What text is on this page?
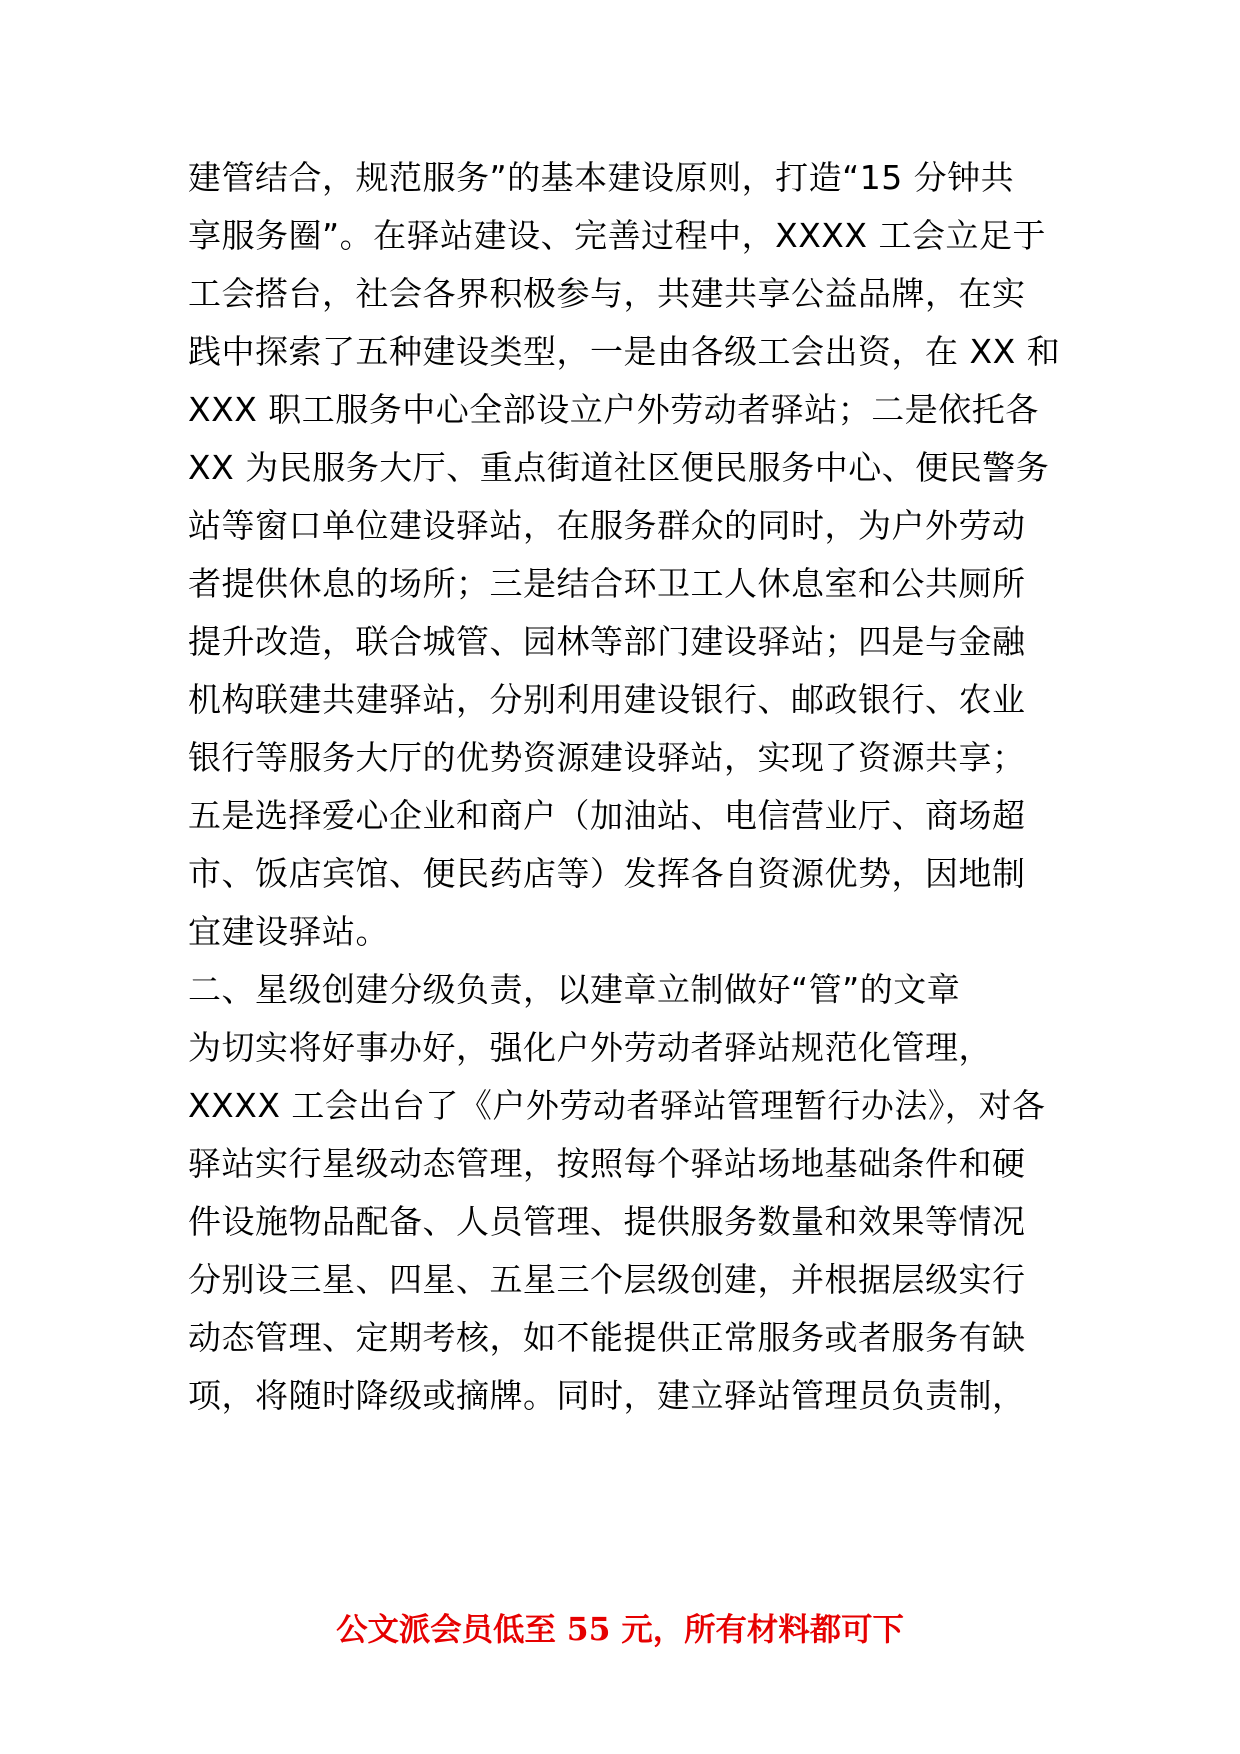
建管结合，规范服务”的基本建设原则，打造“15 分钟共
享服务圈”。在驿站建设、完善过程中，XXXX 工会立足于
工会搭台，社会各界积极参与，共建共享公益品牌，在实
践中探索了五种建设类型，一是由各级工会出资，在 XX 和
XXX 职工服务中心全部设立户外劳动者驿站；二是依托各
XX 为民服务大厅、重点街道社区便民服务中心、便民警务
站等窗口单位建设驿站，在服务群众的同时，为户外劳动
者提供休息的场所；三是结合环卫工人休息室和公共厕所
提升改造，联合城管、园林等部门建设驿站；四是与金融
机构联建共建驿站，分别利用建设银行、邮政银行、农业
银行等服务大厅的优势资源建设驿站，实现了资源共享；
五是选择爱心企业和商户（加油站、电信营业厅、商场超
市、饭店宾馆、便民药店等）发挥各自资源优势，因地制
宜建设驿站。
二、星级创建分级负责，以建章立制做好“管”的文章
为切实将好事办好，强化户外劳动者驿站规范化管理，
XXXX 工会出台了《户外劳动者驿站管理暂行办法》，对各
驿站实行星级动态管理，按照每个驿站场地基础条件和硬
件设施物品配备、人员管理、提供服务数量和效果等情况
分别设三星、四星、五星三个层级创建，并根据层级实行
动态管理、定期考核，如不能提供正常服务或者服务有缺
项，将随时降级或摘牌。同时，建立驿站管理员负责制，
公文派会员低至 55 元，所有材料都可下
